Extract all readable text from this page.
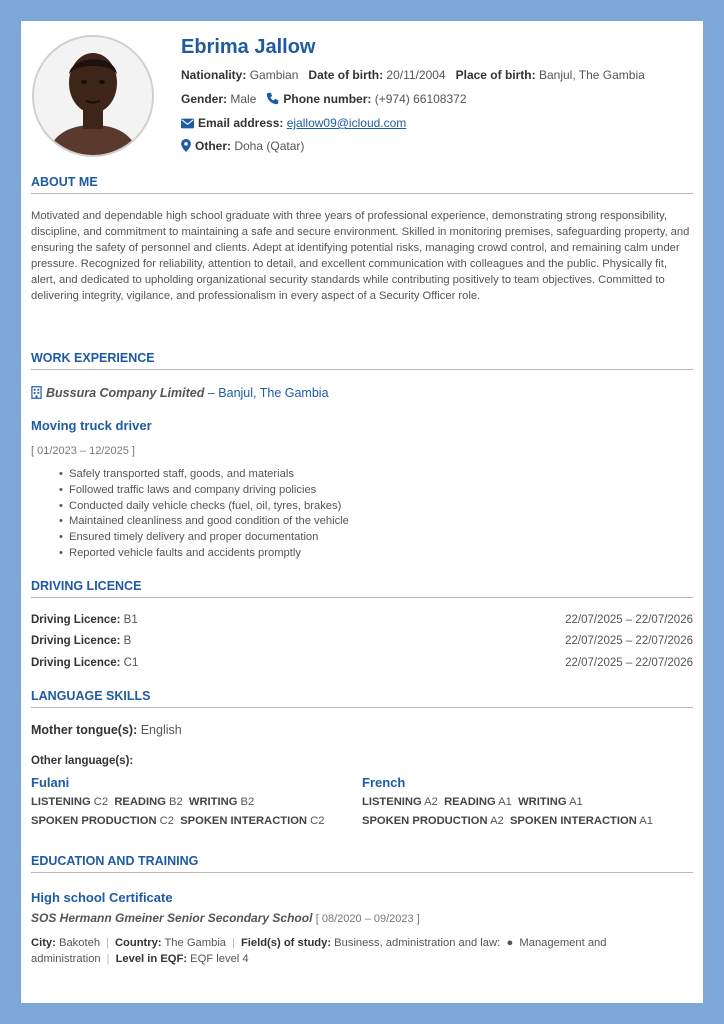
Ebrima Jallow
Nationality: Gambian Date of birth: 20/11/2004 Place of birth: Banjul, The Gambia
Gender: Male Phone number: (+974) 66108372
Email address: ejallow09@icloud.com
Other: Doha (Qatar)
ABOUT ME
Motivated and dependable high school graduate with three years of professional experience, demonstrating strong responsibility, discipline, and commitment to maintaining a safe and secure environment. Skilled in monitoring premises, safeguarding property, and ensuring the safety of personnel and clients. Adept at identifying potential risks, managing crowd control, and remaining calm under pressure. Recognized for reliability, attention to detail, and excellent communication with colleagues and the public. Physically fit, alert, and dedicated to upholding organizational security standards while contributing positively to team objectives. Committed to delivering integrity, vigilance, and professionalism in every aspect of a Security Officer role.
WORK EXPERIENCE
Bussura Company Limited – Banjul, The Gambia
Moving truck driver
[ 01/2023 – 12/2025 ]
• Safely transported staff, goods, and materials
• Followed traffic laws and company driving policies
• Conducted daily vehicle checks (fuel, oil, tyres, brakes)
• Maintained cleanliness and good condition of the vehicle
• Ensured timely delivery and proper documentation
• Reported vehicle faults and accidents promptly
DRIVING LICENCE
Driving Licence: B1	22/07/2025 – 22/07/2026
Driving Licence: B	22/07/2025 – 22/07/2026
Driving Licence: C1	22/07/2025 – 22/07/2026
LANGUAGE SKILLS
Mother tongue(s): English
Other language(s):
Fulani
LISTENING C2 READING B2 WRITING B2
SPOKEN PRODUCTION C2 SPOKEN INTERACTION C2
French
LISTENING A2 READING A1 WRITING A1
SPOKEN PRODUCTION A2 SPOKEN INTERACTION A1
EDUCATION AND TRAINING
High school Certificate
SOS Hermann Gmeiner Senior Secondary School [ 08/2020 – 09/2023 ]
City: Bakoteh | Country: The Gambia | Field(s) of study: Business, administration and law: ● Management and administration | Level in EQF: EQF level 4
